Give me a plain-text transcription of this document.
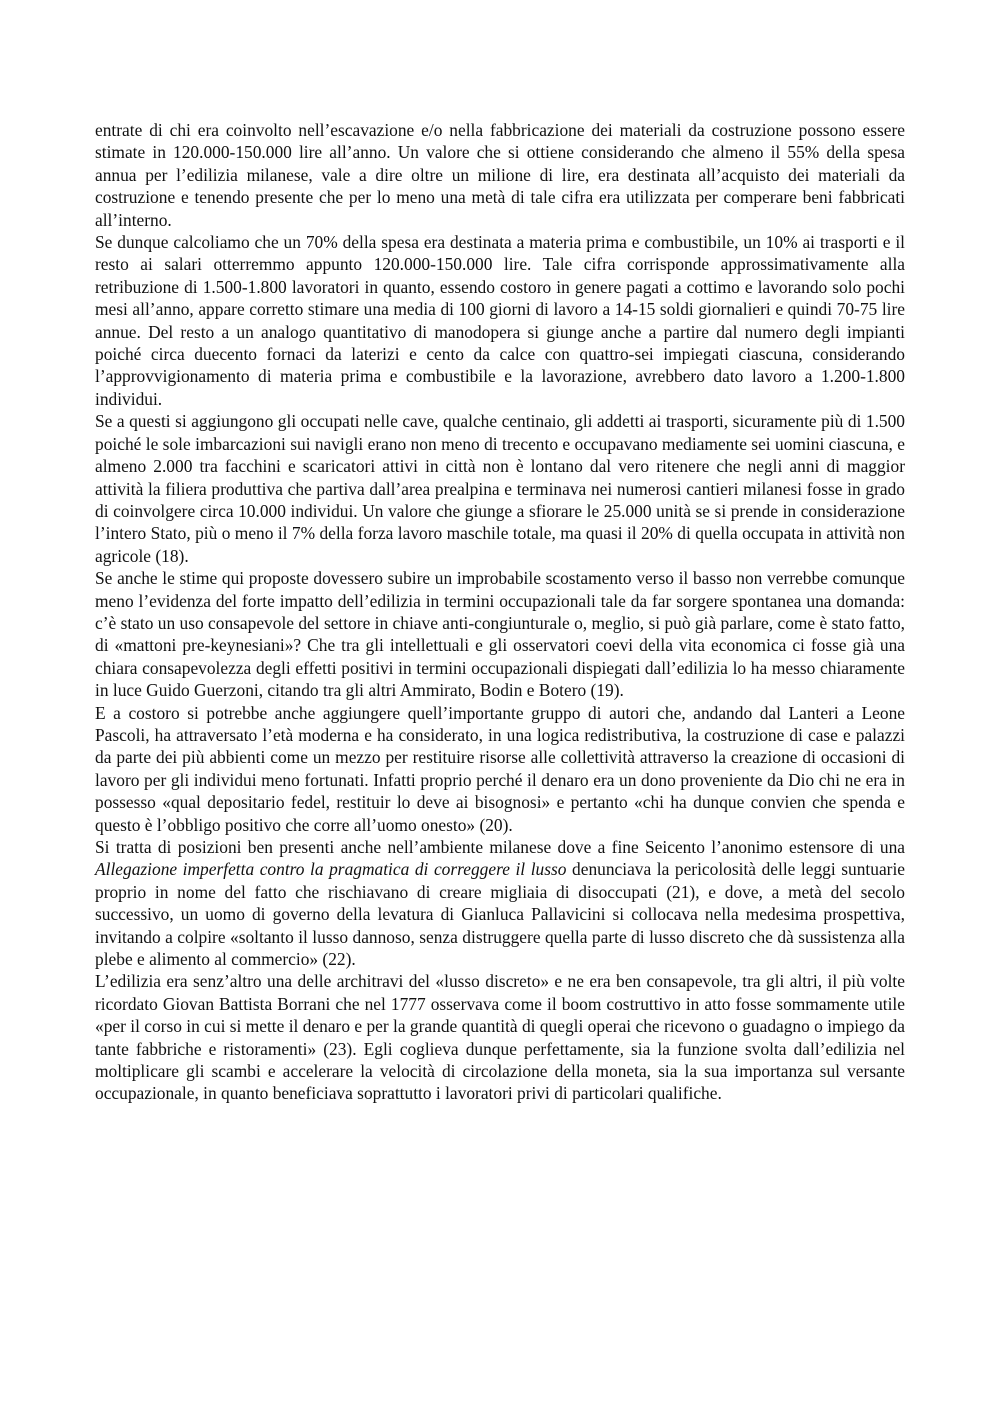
entrate di chi era coinvolto nell’escavazione e/o nella fabbricazione dei materiali da costruzione possono essere stimate in 120.000-150.000 lire all’anno. Un valore che si ottiene considerando che almeno il 55% della spesa annua per l’edilizia milanese, vale a dire oltre un milione di lire, era destinata all’acquisto dei materiali da costruzione e tenendo presente che per lo meno una metà di tale cifra era utilizzata per comperare beni fabbricati all’interno.

Se dunque calcoliamo che un 70% della spesa era destinata a materia prima e combustibile, un 10% ai trasporti e il resto ai salari otterremmo appunto 120.000-150.000 lire. Tale cifra corrisponde approssimativamente alla retribuzione di 1.500-1.800 lavoratori in quanto, essendo costoro in genere pagati a cottimo e lavorando solo pochi mesi all’anno, appare corretto stimare una media di 100 giorni di lavoro a 14-15 soldi giornalieri e quindi 70-75 lire annue. Del resto a un analogo quantitativo di manodopera si giunge anche a partire dal numero degli impianti poiché circa duecento fornaci da laterizi e cento da calce con quattro-sei impiegati ciascuna, considerando l’approvvigionamento di materia prima e combustibile e la lavorazione, avrebbero dato lavoro a 1.200-1.800 individui.

Se a questi si aggiungono gli occupati nelle cave, qualche centinaio, gli addetti ai trasporti, sicuramente più di 1.500 poiché le sole imbarcazioni sui navigli erano non meno di trecento e occupavano mediamente sei uomini ciascuna, e almeno 2.000 tra facchini e scaricatori attivi in città non è lontano dal vero ritenere che negli anni di maggior attività la filiera produttiva che partiva dall’area prealpina e terminava nei numerosi cantieri milanesi fosse in grado di coinvolgere circa 10.000 individui. Un valore che giunge a sfiorare le 25.000 unità se si prende in considerazione l’intero Stato, più o meno il 7% della forza lavoro maschile totale, ma quasi il 20% di quella occupata in attività non agricole (18).

Se anche le stime qui proposte dovessero subire un improbabile scostamento verso il basso non verrebbe comunque meno l’evidenza del forte impatto dell’edilizia in termini occupazionali tale da far sorgere spontanea una domanda: c’è stato un uso consapevole del settore in chiave anti-congiunturale o, meglio, si può già parlare, come è stato fatto, di «mattoni pre-keynesiani»? Che tra gli intellettuali e gli osservatori coevi della vita economica ci fosse già una chiara consapevolezza degli effetti positivi in termini occupazionali dispiegati dall’edilizia lo ha messo chiaramente in luce Guido Guerzoni, citando tra gli altri Ammirato, Bodin e Botero (19).

E a costoro si potrebbe anche aggiungere quell’importante gruppo di autori che, andando dal Lanteri a Leone Pascoli, ha attraversato l’età moderna e ha considerato, in una logica redistributiva, la costruzione di case e palazzi da parte dei più abbienti come un mezzo per restituire risorse alle collettività attraverso la creazione di occasioni di lavoro per gli individui meno fortunati. Infatti proprio perché il denaro era un dono proveniente da Dio chi ne era in possesso «qual depositario fedel, restituir lo deve ai bisognosi» e pertanto «chi ha dunque convien che spenda e questo è l’obbligo positivo che corre all’uomo onesto» (20).

Si tratta di posizioni ben presenti anche nell’ambiente milanese dove a fine Seicento l’anonimo estensore di una Allegazione imperfetta contro la pragmatica di correggere il lusso denunciava la pericolosità delle leggi suntuarie proprio in nome del fatto che rischiavano di creare migliaia di disoccupati (21), e dove, a metà del secolo successivo, un uomo di governo della levatura di Gianluca Pallavicini si collocava nella medesima prospettiva, invitando a colpire «soltanto il lusso dannoso, senza distruggere quella parte di lusso discreto che dà sussistenza alla plebe e alimento al commercio» (22).

L’edilizia era senz’altro una delle architravi del «lusso discreto» e ne era ben consapevole, tra gli altri, il più volte ricordato Giovan Battista Borrani che nel 1777 osservava come il boom costruttivo in atto fosse sommamente utile «per il corso in cui si mette il denaro e per la grande quantità di quegli operai che ricevono o guadagno o impiego da tante fabbriche e ristoramenti» (23). Egli coglieva dunque perfettamente, sia la funzione svolta dall’edilizia nel moltiplicare gli scambi e accelerare la velocità di circolazione della moneta, sia la sua importanza sul versante occupazionale, in quanto beneficiava soprattutto i lavoratori privi di particolari qualifiche.
